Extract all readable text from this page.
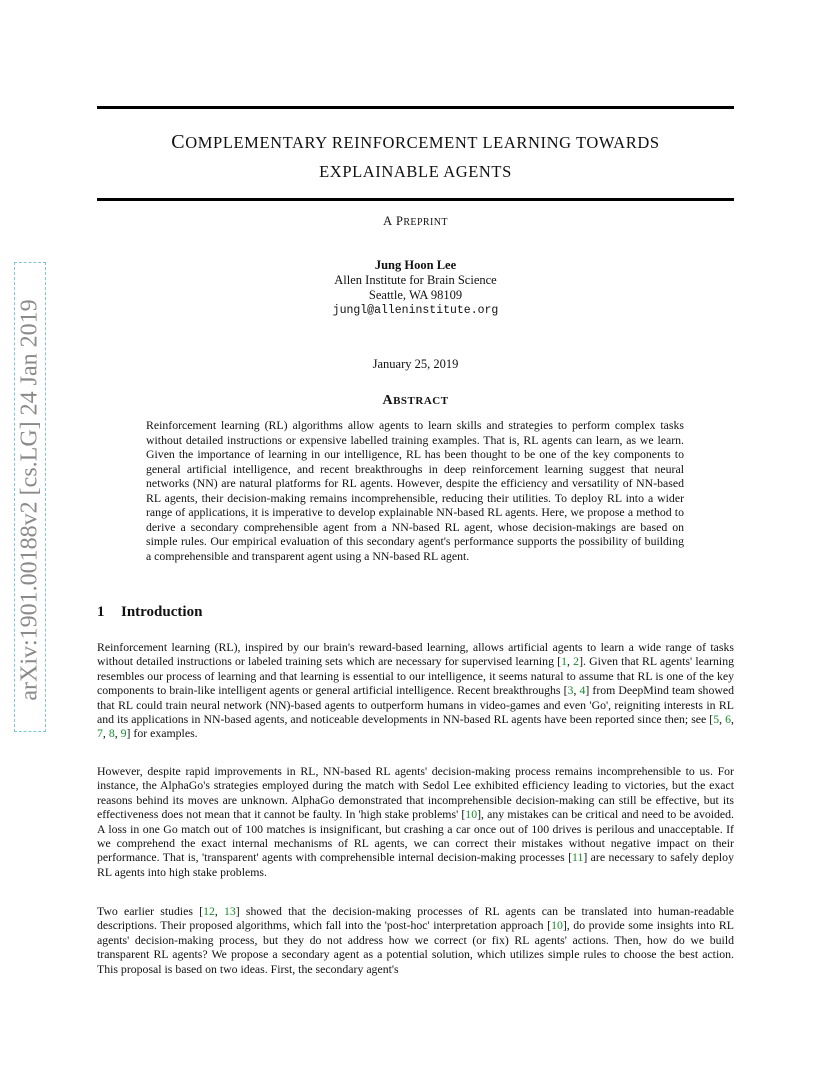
arXiv:1901.00188v2 [cs.LG] 24 Jan 2019
COMPLEMENTARY REINFORCEMENT LEARNING TOWARDS
EXPLAINABLE AGENTS
A PREPRINT
Jung Hoon Lee
Allen Institute for Brain Science
Seattle, WA 98109
jungl@alleninstitute.org
January 25, 2019
ABSTRACT

Reinforcement learning (RL) algorithms allow agents to learn skills and strategies to perform complex tasks without detailed instructions or expensive labelled training examples. That is, RL agents can learn, as we learn. Given the importance of learning in our intelligence, RL has been thought to be one of the key components to general artificial intelligence, and recent breakthroughs in deep reinforcement learning suggest that neural networks (NN) are natural platforms for RL agents. However, despite the efficiency and versatility of NN-based RL agents, their decision-making remains incomprehensible, reducing their utilities. To deploy RL into a wider range of applications, it is imperative to develop explainable NN-based RL agents. Here, we propose a method to derive a secondary comprehensible agent from a NN-based RL agent, whose decision-makings are based on simple rules. Our empirical evaluation of this secondary agent's performance supports the possibility of building a comprehensible and transparent agent using a NN-based RL agent.

1 Introduction

Reinforcement learning (RL), inspired by our brain's reward-based learning, allows artificial agents to learn a wide range of tasks without detailed instructions or labeled training sets which are necessary for supervised learning [1, 2]. Given that RL agents' learning resembles our process of learning and that learning is essential to our intelligence, it seems natural to assume that RL is one of the key components to brain-like intelligent agents or general artificial intelligence. Recent breakthroughs [3, 4] from DeepMind team showed that RL could train neural network (NN)-based agents to outperform humans in video-games and even 'Go', reigniting interests in RL and its applications in NN-based agents, and noticeable developments in NN-based RL agents have been reported since then; see [5, 6, 7, 8, 9] for examples.

However, despite rapid improvements in RL, NN-based RL agents' decision-making process remains incomprehensible to us. For instance, the AlphaGo's strategies employed during the match with Sedol Lee exhibited efficiency leading to victories, but the exact reasons behind its moves are unknown. AlphaGo demonstrated that incomprehensible decision-making can still be effective, but its effectiveness does not mean that it cannot be faulty. In 'high stake problems' [10], any mistakes can be critical and need to be avoided. A loss in one Go match out of 100 matches is insignificant, but crashing a car once out of 100 drives is perilous and unacceptable. If we comprehend the exact internal mechanisms of RL agents, we can correct their mistakes without negative impact on their performance. That is, 'transparent' agents with comprehensible internal decision-making processes [11] are necessary to safely deploy RL agents into high stake problems.

Two earlier studies [12, 13] showed that the decision-making processes of RL agents can be translated into human-readable descriptions. Their proposed algorithms, which fall into the 'post-hoc' interpretation approach [10], do provide some insights into RL agents' decision-making process, but they do not address how we correct (or fix) RL agents' actions. Then, how do we build transparent RL agents? We propose a secondary agent as a potential solution, which utilizes simple rules to choose the best action. This proposal is based on two ideas. First, the secondary agent's
